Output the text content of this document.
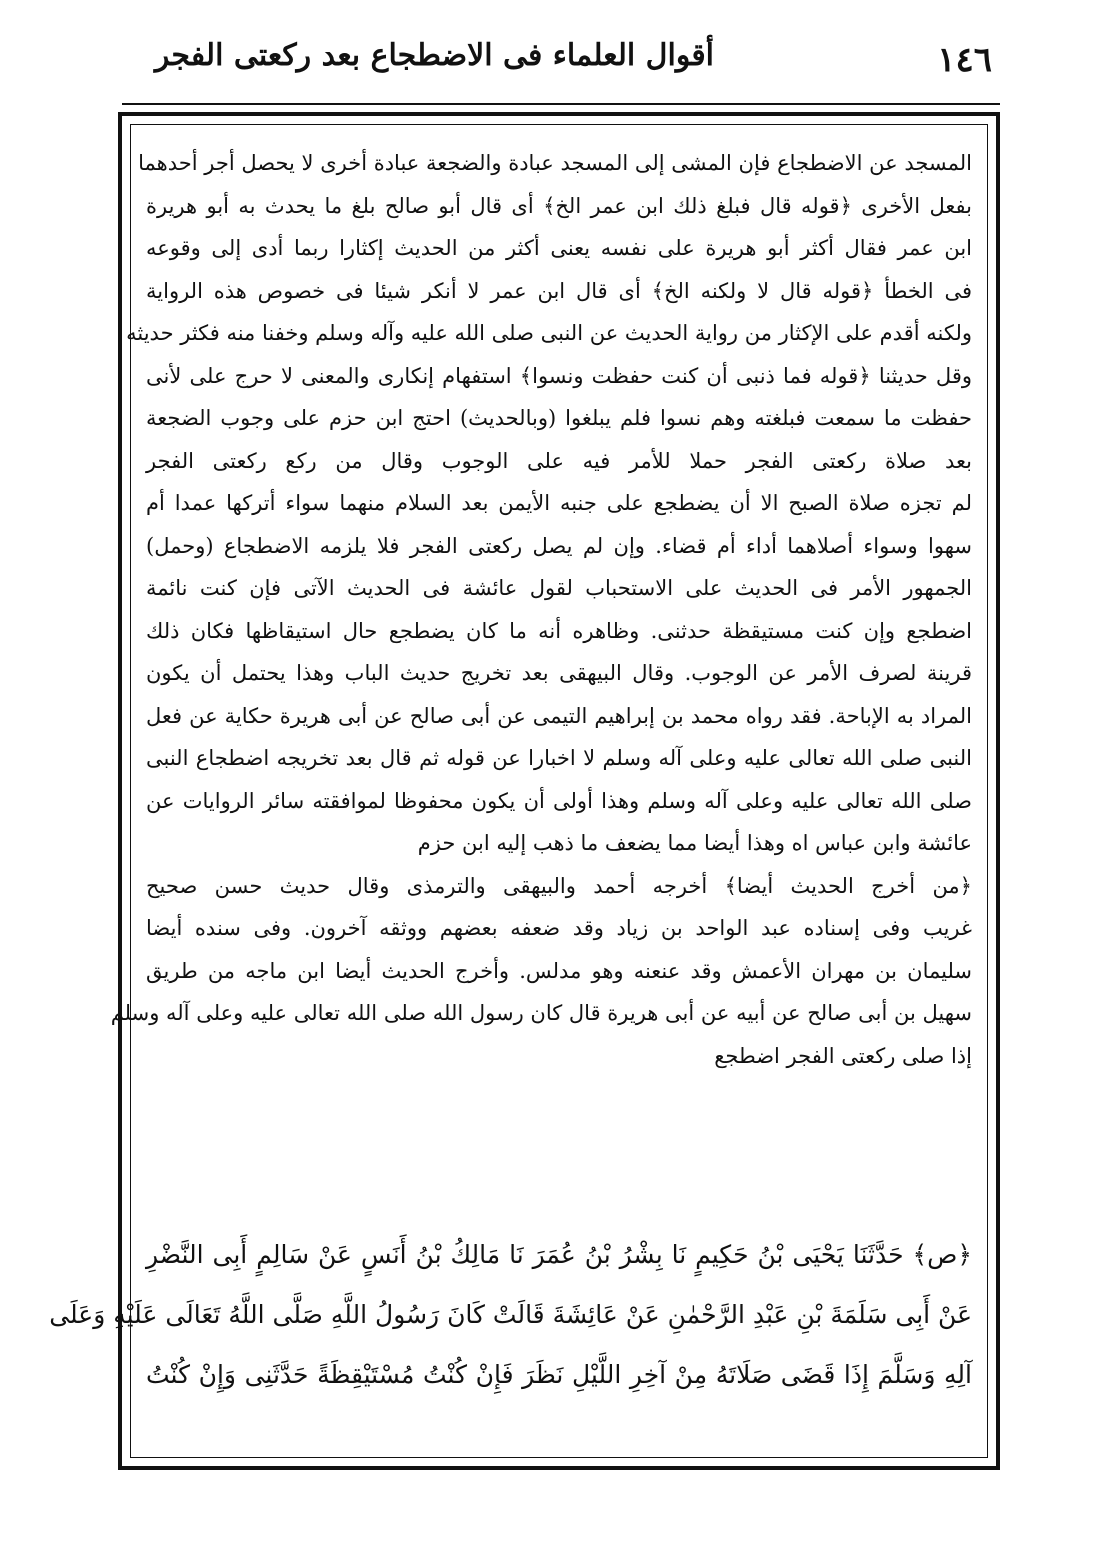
١٤٦
أقوال العلماء فى الاضطجاع بعد ركعتى الفجر
المسجد عن الاضطجاع فإن المشى إلى المسجد عبادة والضجعة عبادة أخرى لا يحصل أجر أحدهما
بفعل الأخرى ﴿قوله قال فبلغ ذلك ابن عمر الخ﴾ أى قال أبو صالح بلغ ما يحدث به أبو هريرة
ابن عمر فقال أكثر أبو هريرة على نفسه يعنى أكثر من الحديث إكثارا ربما أدى إلى وقوعه
فى الخطأ ﴿قوله قال لا ولكنه الخ﴾ أى قال ابن عمر لا أنكر شيئا فى خصوص هذه الرواية
ولكنه أقدم على الإكثار من رواية الحديث عن النبى صلى الله عليه وآله وسلم وخفنا منه فكثر حديثه
وقل حديثنا ﴿قوله فما ذنبى أن كنت حفظت ونسوا﴾ استفهام إنكارى والمعنى لا حرج على لأنى
حفظت ما سمعت فبلغته وهم نسوا فلم يبلغوا (وبالحديث) احتج ابن حزم على وجوب الضجعة
بعد صلاة ركعتى الفجر حملا للأمر فيه على الوجوب وقال من ركع ركعتى الفجر
لم تجزه صلاة الصبح الا أن يضطجع على جنبه الأيمن بعد السلام منهما سواء أتركها عمدا أم
سهوا وسواء أصلاهما أداء أم قضاء. وإن لم يصل ركعتى الفجر فلا يلزمه الاضطجاع (وحمل)
الجمهور الأمر فى الحديث على الاستحباب لقول عائشة فى الحديث الآتى فإن كنت نائمة
اضطجع وإن كنت مستيقظة حدثنى. وظاهره أنه ما كان يضطجع حال استيقاظها فكان ذلك
قرينة لصرف الأمر عن الوجوب. وقال البيهقى بعد تخريج حديث الباب وهذا يحتمل أن يكون
المراد به الإباحة. فقد رواه محمد بن إبراهيم التيمى عن أبى صالح عن أبى هريرة حكاية عن فعل
النبى صلى الله تعالى عليه وعلى آله وسلم لا اخبارا عن قوله ثم قال بعد تخريجه اضطجاع النبى
صلى الله تعالى عليه وعلى آله وسلم وهذا أولى أن يكون محفوظا لموافقته سائر الروايات عن
عائشة وابن عباس اه وهذا أيضا مما يضعف ما ذهب إليه ابن حزم
﴿من أخرج الحديث أيضا﴾ أخرجه أحمد والبيهقى والترمذى وقال حديث حسن صحيح
غريب وفى إسناده عبد الواحد بن زياد وقد ضعفه بعضهم ووثقه آخرون. وفى سنده أيضا
سليمان بن مهران الأعمش وقد عنعنه وهو مدلس. وأخرج الحديث أيضا ابن ماجه من طريق
سهيل بن أبى صالح عن أبيه عن أبى هريرة قال كان رسول الله صلى الله تعالى عليه وعلى آله وسلم
إذا صلى ركعتى الفجر اضطجع
﴿ص﴾ حَدَّثَنَا يَحْيَى بْنُ حَكِيمٍ نَا بِشْرُ بْنُ عُمَرَ نَا مَالِكُ بْنُ أَنَسٍ عَنْ سَالِمٍ أَبِى النَّضْرِ
عَنْ أَبِى سَلَمَةَ بْنِ عَبْدِ الرَّحْمٰنِ عَنْ عَائِشَةَ قَالَتْ كَانَ رَسُولُ اللَّهِ صَلَّى اللَّهُ تَعَالَى عَلَيْهِ وَعَلَى
آلِهِ وَسَلَّمَ إِذَا قَضَى صَلَاتَهُ مِنْ آخِرِ اللَّيْلِ نَظَرَ فَإِنْ كُنْتُ مُسْتَيْقِظَةً حَدَّثَنِى وَإِنْ كُنْتُ
